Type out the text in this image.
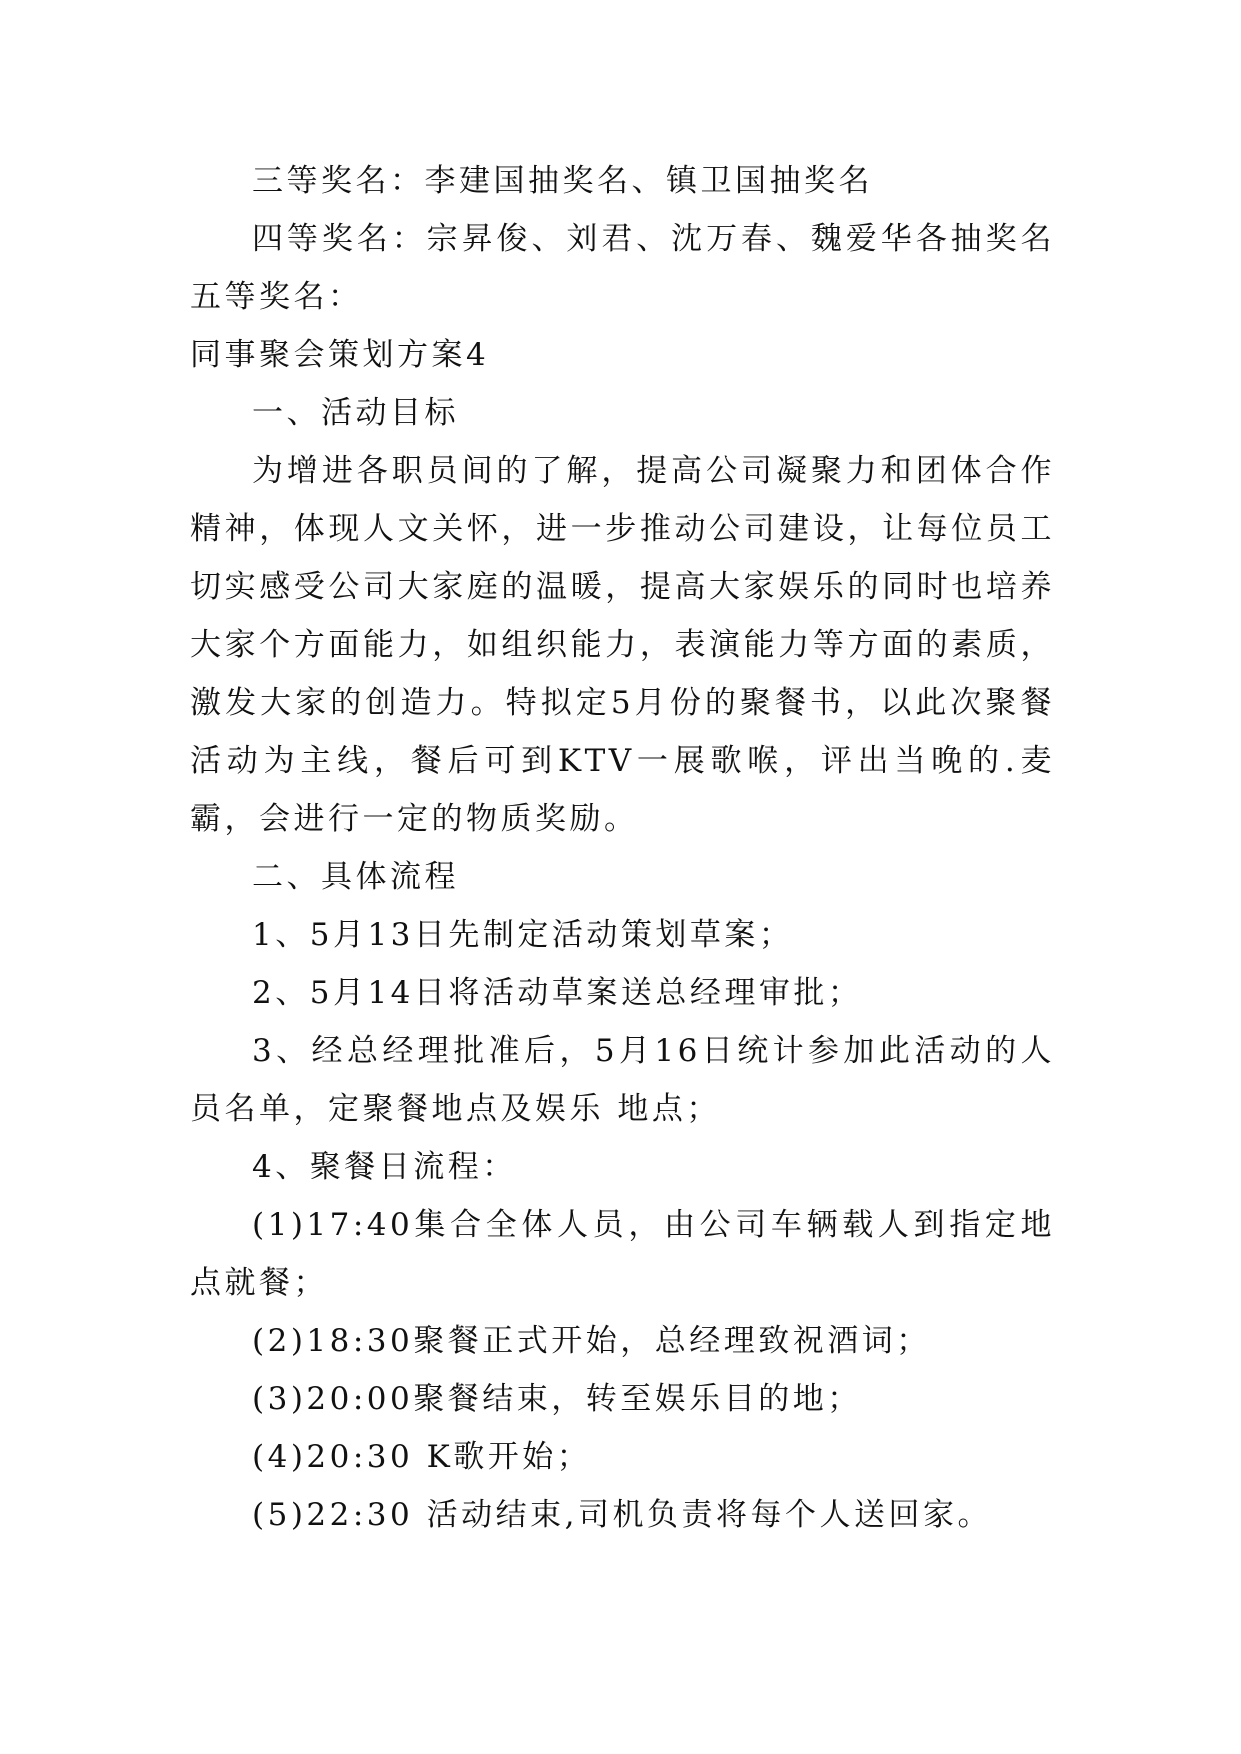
三等奖名：李建国抽奖名、镇卫国抽奖名

四等奖名：宗昇俊、刘君、沈万春、魏爱华各抽奖名五等奖名：

同事聚会策划方案4

一、活动目标

为增进各职员间的了解，提高公司凝聚力和团体合作精神，体现人文关怀，进一步推动公司建设，让每位员工切实感受公司大家庭的温暖，提高大家娱乐的同时也培养大家个方面能力，如组织能力，表演能力等方面的素质，激发大家的创造力。特拟定5月份的聚餐书，以此次聚餐活动为主线，餐后可到KTV一展歌喉，评出当晚的.麦霸，会进行一定的物质奖励。

二、具体流程

1、5月13日先制定活动策划草案；

2、5月14日将活动草案送总经理审批；

3、经总经理批准后，5月16日统计参加此活动的人员名单，定聚餐地点及娱乐 地点；

4、聚餐日流程：

(1)17:40集合全体人员，由公司车辆载人到指定地点就餐；

(2)18:30聚餐正式开始，总经理致祝酒词；

(3)20:00聚餐结束，转至娱乐目的地；

(4)20:30 K歌开始；

(5)22:30 活动结束,司机负责将每个人送回家。
